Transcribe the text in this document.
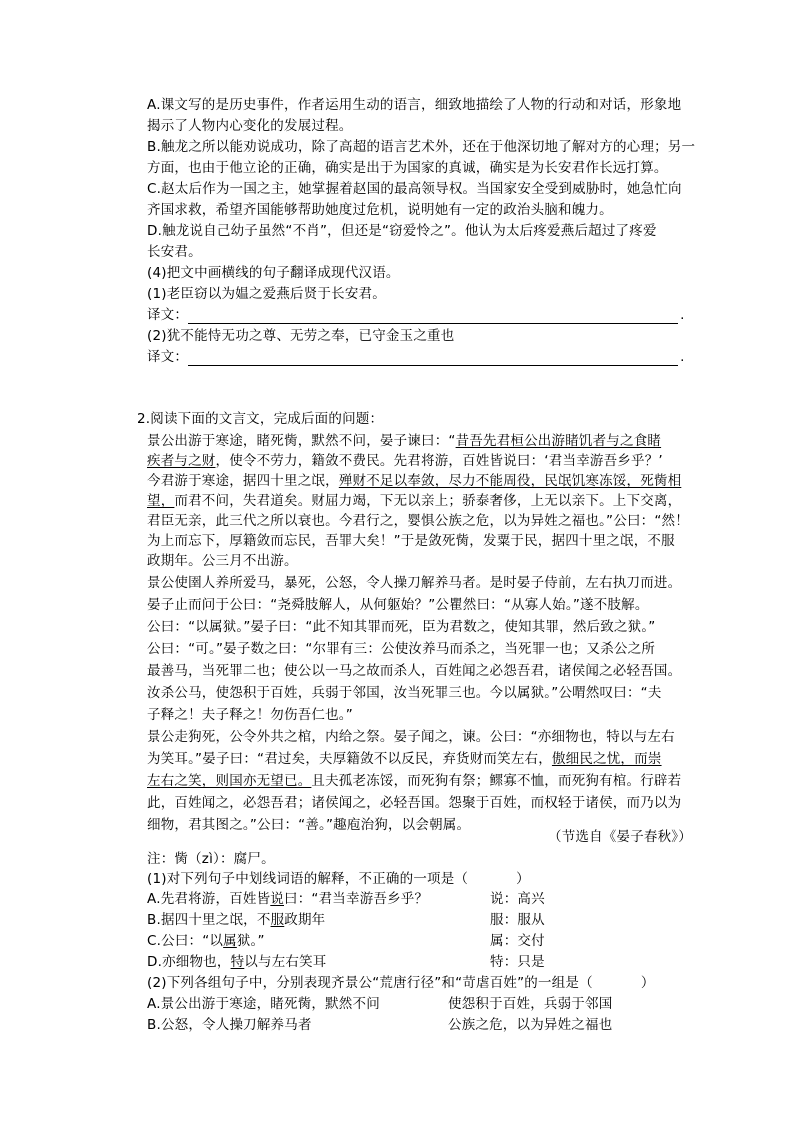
A.课文写的是历史事件，作者运用生动的语言，细致地描绘了人物的行动和对话，形象地
揭示了人物内心变化的发展过程。
B.触龙之所以能劝说成功，除了高超的语言艺术外，还在于他深切地了解对方的心理；另一
方面，也由于他立论的正确，确实是出于为国家的真诚，确实是为长安君作长远打算。
C.赵太后作为一国之主，她掌握着赵国的最高领导权。当国家安全受到威胁时，她急忙向
齐国求救，希望齐国能够帮助她度过危机，说明她有一定的政治头脑和魄力。
D.触龙说自己幼子虽然“不肖”，但还是“窃爱怜之”。他认为太后疼爱燕后超过了疼爱
长安君。
(4)把文中画横线的句子翻译成现代汉语。
(1)老臣窃以为媪之爱燕后贤于长安君。
译文：	.
(2)犹不能恃无功之尊、无劳之奉，已守金玉之重也
译文：	.
2.阅读下面的文言文，完成后面的问题：
景公出游于寒途，睹死胔，默然不问，晏子谏曰：“昔吾先君桓公出游睹饥者与之食睹
疾者与之财，使令不劳力，籍敛不费民。先君将游，百姓皆说曰：‘君当幸游吾乡乎？’
今君游于寒途，据四十里之氓，殚财不足以奉敛，尽力不能周役，民氓饥寒冻馁，死胔相
望，而君不问，失君道矣。财屈力竭，下无以亲上；骄泰奢侈，上无以亲下。上下交离，
君臣无亲，此三代之所以衰也。今君行之，婴惧公族之危，以为异姓之福也。”公曰：“然！
为上而忘下，厚籍敛而忘民，吾罪大矣！”于是敛死胔，发粟于民，据四十里之氓，不服
政期年。公三月不出游。
景公使圉人养所爱马，暴死，公怒，令人操刀解养马者。是时晏子侍前，左右执刀而进。
晏子止而问于公曰：“尧舜肢解人，从何躯始？”公瞿然曰：“从寡人始。”遂不肢解。
公曰：“以属狱。”晏子曰：“此不知其罪而死，臣为君数之，使知其罪，然后致之狱。”
公曰：“可。”晏子数之曰：“尔罪有三：公使汝养马而杀之，当死罪一也；又杀公之所
最善马，当死罪二也；使公以一马之故而杀人，百姓闻之必怨吾君，诸侯闻之必轻吾国。
汝杀公马，使怨积于百姓，兵弱于邻国，汝当死罪三也。今以属狱。”公喟然叹曰：“夫
子释之！夫子释之！勿伤吾仁也。”
景公走狗死，公令外共之棺，内给之祭。晏子闻之，谏。公曰：“亦细物也，特以与左右
为笑耳。”晏子曰：“君过矣，夫厚籍敛不以反民，弃货财而笑左右，傲细民之忧，而崇
左右之笑，则国亦无望已。且夫孤老冻馁，而死狗有祭；鳏寡不恤，而死狗有棺。行辟若
此，百姓闻之，必怨吾君；诸侯闻之，必轻吾国。怨聚于百姓，而权轻于诸侯，而乃以为
细物，君其图之。”公曰：“善。”趣庖治狗，以会朝属。
（节选自《晏子春秋》）
注：胔（zì）：腐尸。
(1)对下列句子中划线词语的解释，不正确的一项是（	）
A.先君将游，百姓皆说曰：“君当幸游吾乡乎？	说：高兴
B.据四十里之氓，不服政期年	服：服从
C.公曰：“以属狱。”	属：交付
D.亦细物也，特以与左右笑耳	特：只是
(2)下列各组句子中，分别表现齐景公“荒唐行径”和“苛虐百姓”的一组是（	）
A.景公出游于寒途，睹死胔，默然不问	使怨积于百姓，兵弱于邻国
B.公怒，令人操刀解养马者	公族之危，以为异姓之福也
